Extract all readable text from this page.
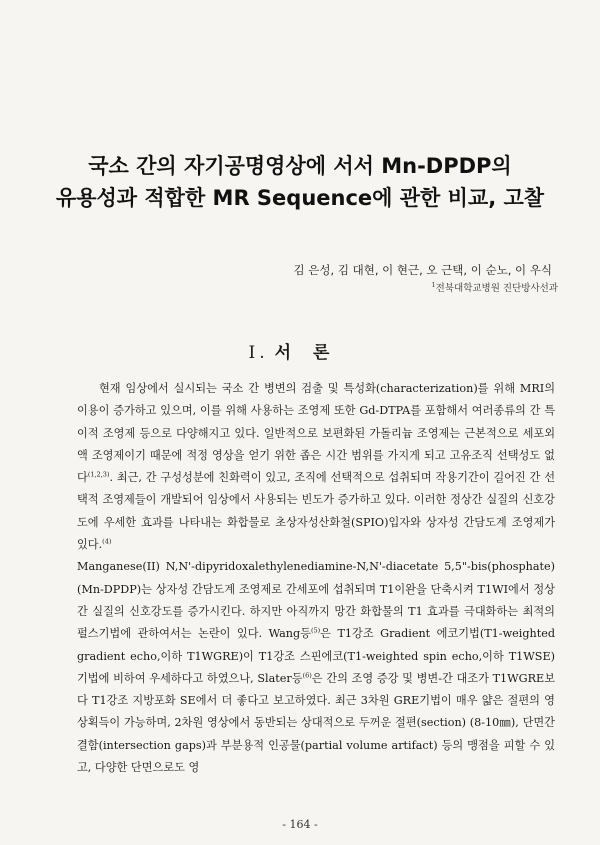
국소 간의 자기공명영상에 서서 Mn-DPDP의
유용성과 적합한 MR Sequence에 관한 비교, 고찰
김 은성, 김 대현, 이 현근, 오 근택, 이 순노, 이 우식
$^1$전북대학교병원 진단방사선과
I. 서론

현재 임상에서 실시되는 국소 간 병변의 검출 및 특성화(characterization)를 위해 MRI의 이용이 증가하고 있으며, 이를 위해 사용하는 조영제 또한 Gd-DTPA를 포함해서 여러종류의 간 특이적 조영제 등으로 다양해지고 있다. 일반적으로 보편화된 가돌리늄 조영제는 근본적으로 세포외액 조영제이기 때문에 적정 영상을 얻기 위한 좁은 시간 범위를 가지게 되고 고유조직 선택성도 없다$^{(1,2,3)}$. 최근, 간 구성성분에 친화력이 있고, 조직에 선택적으로 섭취되며 작용기간이 길어진 간 선택적 조영제들이 개발되어 임상에서 사용되는 빈도가 증가하고 있다. 이러한 정상간 실질의 신호강도에 우세한 효과를 나타내는 화합물로 초상자성산화철(SPIO)입자와 상자성 간담도계 조영제가 있다.$^{(4)}$

Manganese(II) N,N'-dipyridoxalethylenediamine-N,N'-diacetate 5,5"-bis(phosphate) (Mn-DPDP)는 상자성 간담도계 조영제로 간세포에 섭취되며 T1이완을 단축시켜 T1WI에서 정상 간 실질의 신호강도를 증가시킨다. 하지만 아직까지 망간 화합물의 T1 효과를 극대화하는 최적의 펄스기법에 관하여서는 논란이 있다. Wang등$^{(5)}$은 T1강조 Gradient 에코기법(T1-weighted gradient echo,이하 T1WGRE)이 T1강조 스핀에코(T1-weighted spin echo,이하 T1WSE)기법에 비하여 우세하다고 하였으나, Slater등$^{(6)}$은 간의 조영 증강 및 병변-간 대조가 T1WGRE보다 T1강조 지방포화 SE에서 더 좋다고 보고하였다. 최근 3차원 GRE기법이 매우 얇은 절편의 영상획득이 가능하며, 2차원 영상에서 동반되는 상대적으로 두꺼운 절편(section) (8-10㎜), 단면간 결함(intersection gaps)과 부분용적 인공물(partial volume artifact) 등의 맹점을 피할 수 있고, 다양한 단면으로도 영

- 164 -
